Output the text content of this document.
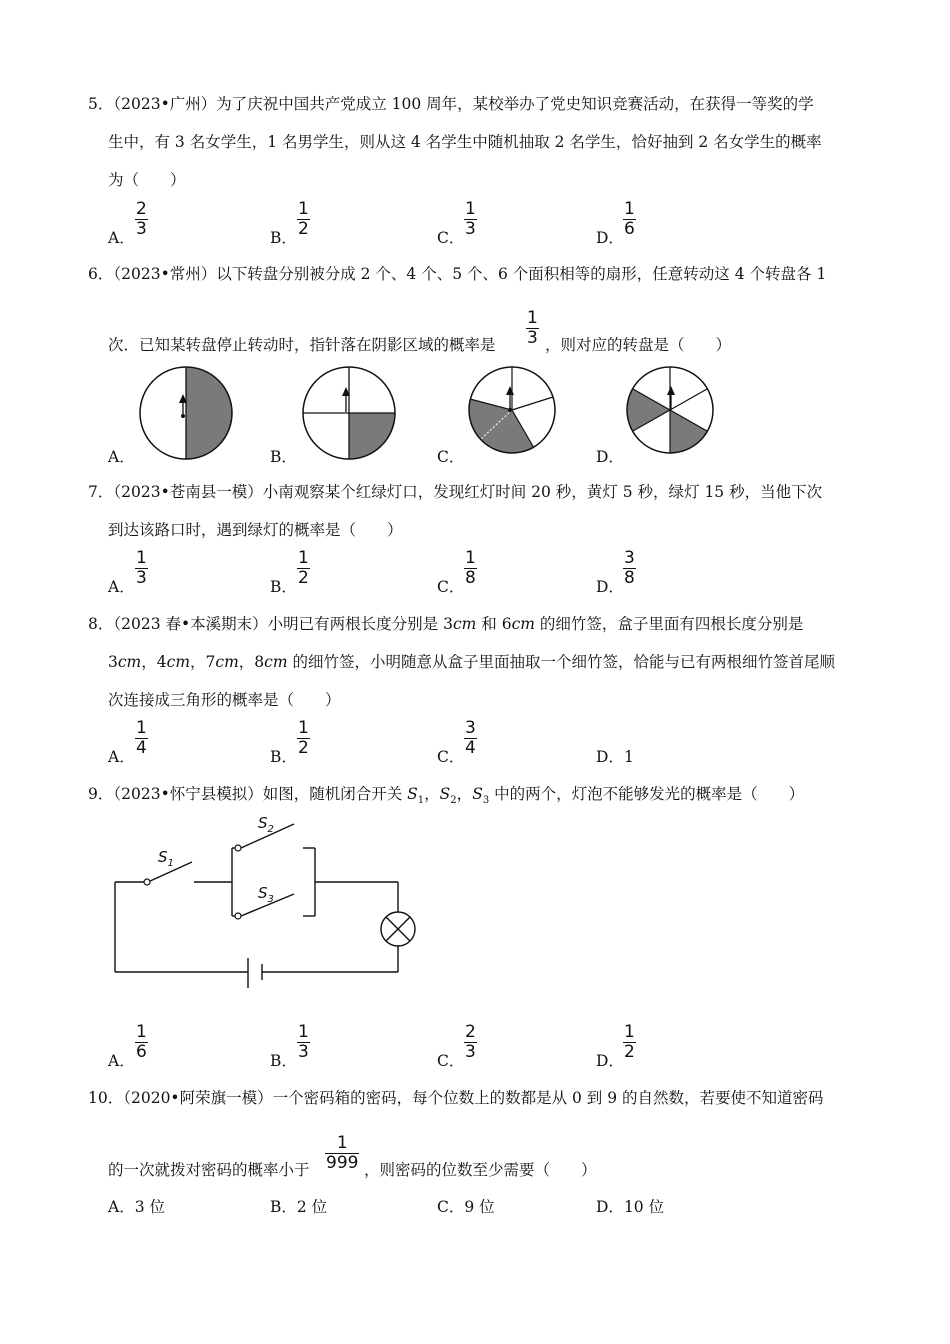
5．（2023•广州）为了庆祝中国共产党成立 100 周年，某校举办了党史知识竞赛活动，在获得一等奖的学
生中，有 3 名女学生，1 名男学生，则从这 4 名学生中随机抽取 2 名学生，恰好抽到 2 名女学生的概率
为（　　）
A．
2
3	B．
1
2	C．
1
3	D．
1
6
6．（2023•常州）以下转盘分别被分成 2 个、4 个、5 个、6 个面积相等的扇形，任意转动这 4 个转盘各 1
次．已知某转盘停止转动时，指针落在阴影区域的概率是
1
3 ，则对应的转盘是（　　）
A．	B．	C．	D．
7．（2023•苍南县一模）小南观察某个红绿灯口，发现红灯时间 20 秒，黄灯 5 秒，绿灯 15 秒，当他下次
到达该路口时，遇到绿灯的概率是（　　）
A．
1
3	B．
1
2	C．
1
8	D．
3
8
8．（2023 春•本溪期末）小明已有两根长度分别是 3cm 和 6cm 的细竹签，盒子里面有四根长度分别是
3cm，4cm，7cm，8cm 的细竹签，小明随意从盒子里面抽取一个细竹签，恰能与已有两根细竹签首尾顺
次连接成三角形的概率是（　　）
A．
1
4	B．
1
2	C．
3
4	D．1
9．（2023•怀宁县模拟）如图，随机闭合开关 $S_1$，$S_2$，$S_3$ 中的两个，灯泡不能够发光的概率是（　　）
$S_1$
$S_2$
$S_3$
A．
1
6	B．
1
3	C．
2
3	D．
1
2
10．（2020•阿荣旗一模）一个密码箱的密码，每个位数上的数都是从 0 到 9 的自然数，若要使不知道密码
的一次就拨对密码的概率小于
1
999 ，则密码的位数至少需要（　　）
A．3 位	B．2 位	C．9 位	D．10 位
